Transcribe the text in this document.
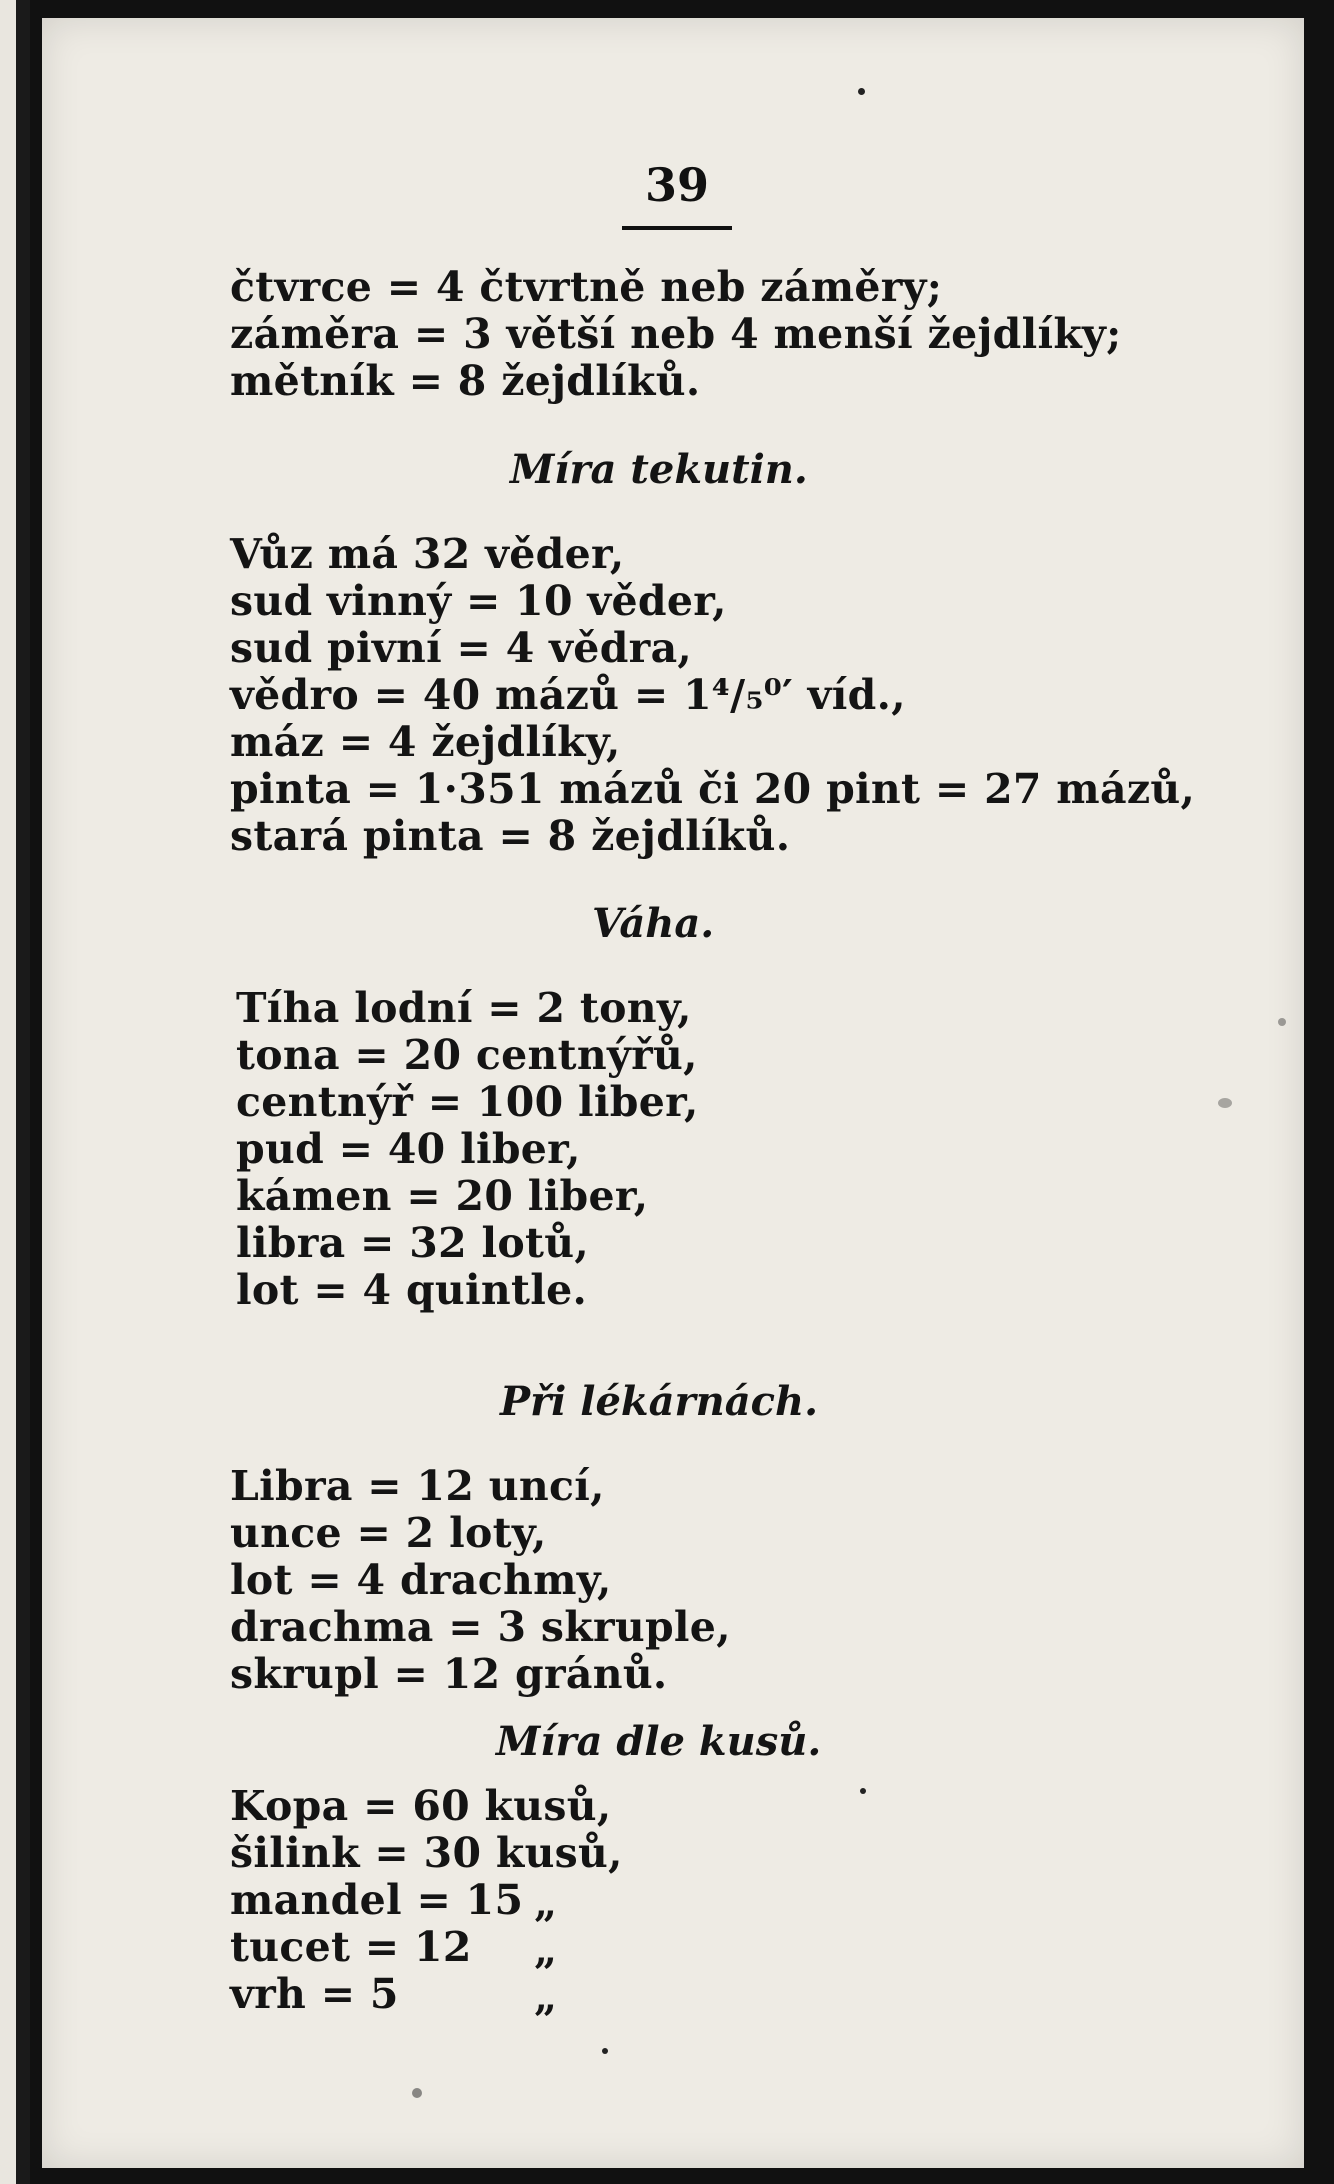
39
čtvrce = 4 čtvrtně neb záměry;
záměra = 3 větší neb 4 menší žejdlíky;
mětník = 8 žejdlíků.
Míra tekutin.
Vůz má 32 věder,
sud vinný = 10 věder,
sud pivní = 4 vědra,
vědro = 40 mázů = 1⁴/₅⁰′ víd.,
máz = 4 žejdlíky,
pinta = 1·351 mázů či 20 pint = 27 mázů,
stará pinta = 8 žejdlíků.
Váha.
Tíha lodní = 2 tony,
tona = 20 centnýřů,
centnýř = 100 liber,
pud = 40 liber,
kámen = 20 liber,
libra = 32 lotů,
lot = 4 quintle.
Při lékárnách.
Libra = 12 uncí,
unce = 2 loty,
lot = 4 drachmy,
drachma = 3 skruple,
skrupl = 12 gránů.
Míra dle kusů.
Kopa = 60 kusů,
šilink = 30 kusů,
mandel = 15 „
tucet = 12 „
vrh = 5	„
